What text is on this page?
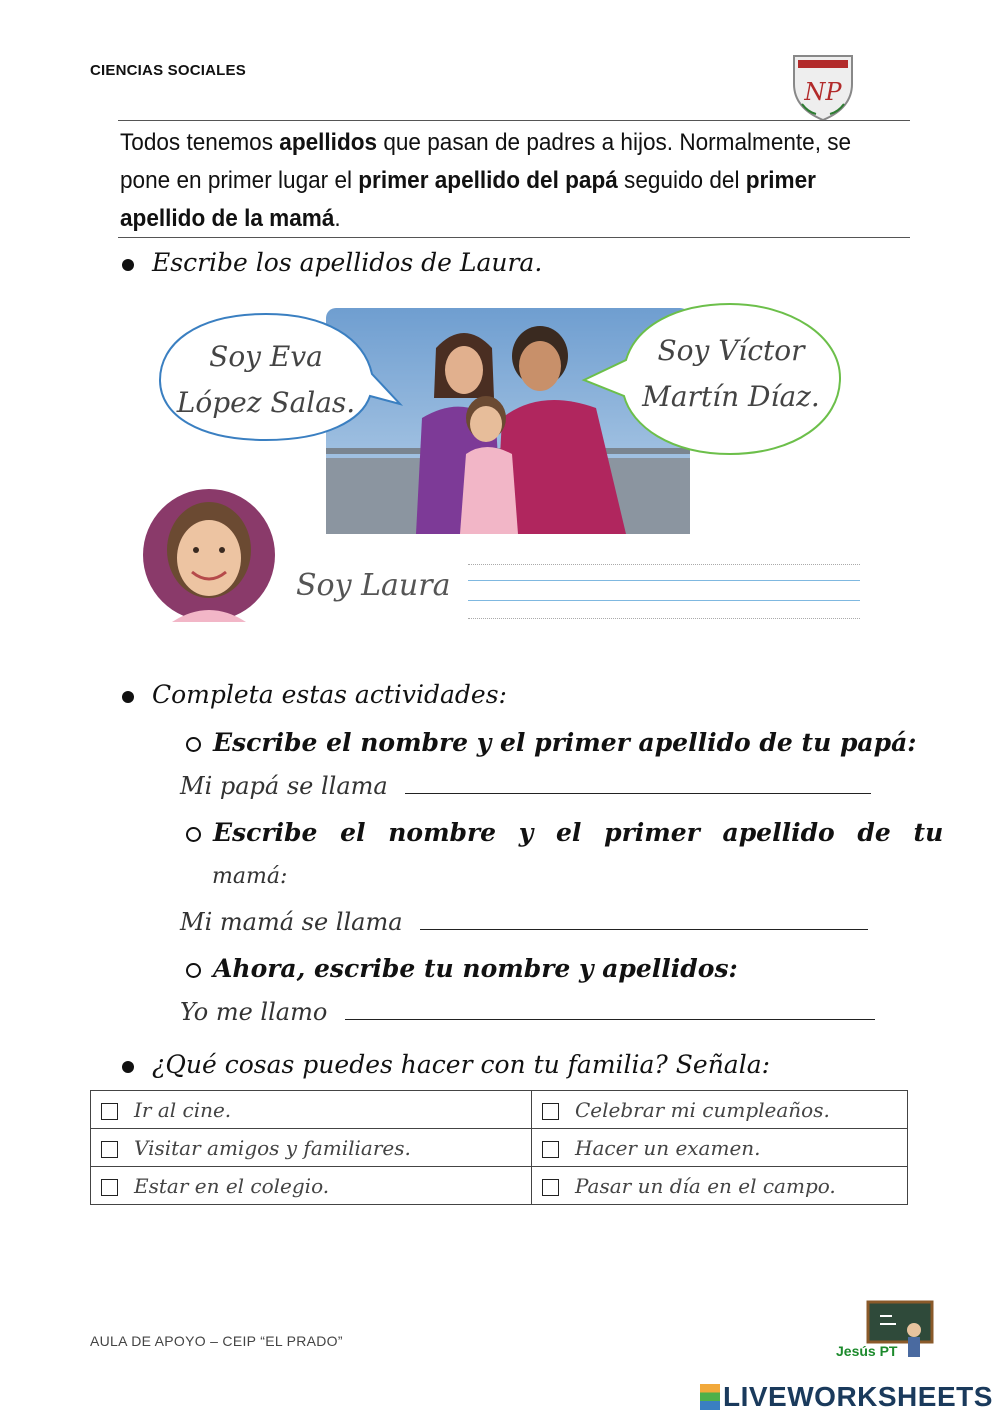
CIENCIAS SOCIALES
NP
Todos tenemos apellidos que pasan de padres a hijos. Normalmente, se pone en primer lugar el primer apellido del papá seguido del primer apellido de la mamá.
Escribe los apellidos de Laura.
Soy Eva
López Salas.
Soy Víctor
Martín Díaz.
Soy Laura
Completa estas actividades:
Escribe el nombre y el primer apellido de tu papá:
Mi papá se llama
Escribe el nombre y el primer apellido de tu
mamá:
Mi mamá se llama
Ahora, escribe tu nombre y apellidos:
Yo me llamo
¿Qué cosas puedes hacer con tu familia? Señala:
Ir al cine.	Celebrar mi cumpleaños.
Visitar amigos y familiares.	Hacer un examen.
Estar en el colegio.	Pasar un día en el campo.
AULA DE APOYO – CEIP “EL PRADO”
Jesús PT
LIVEWORKSHEETS
